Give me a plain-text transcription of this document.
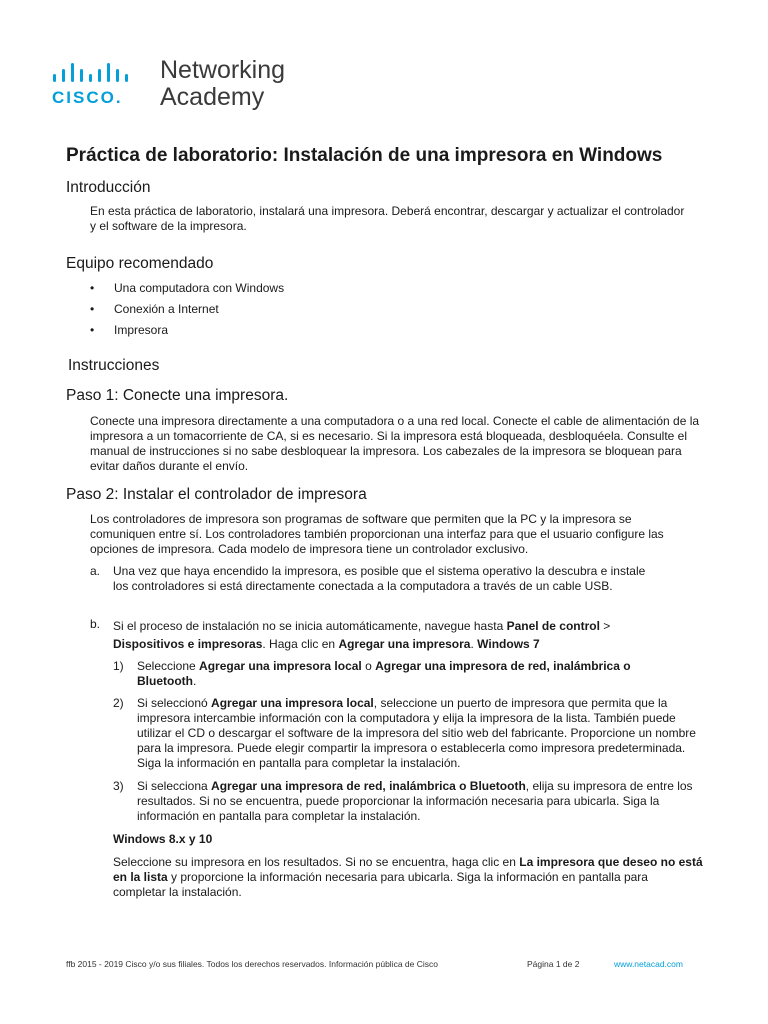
CISCO.
Networking
Academy
Práctica de laboratorio: Instalación de una impresora en Windows
Introducción
En esta práctica de laboratorio, instalará una impresora. Deberá encontrar, descargar y actualizar el controlador y el software de la impresora.
Equipo recomendado
• Una computadora con Windows
• Conexión a Internet
• Impresora
Instrucciones
Paso 1: Conecte una impresora.
Conecte una impresora directamente a una computadora o a una red local. Conecte el cable de alimentación de la impresora a un tomacorriente de CA, si es necesario. Si la impresora está bloqueada, desbloquéela. Consulte el manual de instrucciones si no sabe desbloquear la impresora. Los cabezales de la impresora se bloquean para evitar daños durante el envío.
Paso 2: Instalar el controlador de impresora
Los controladores de impresora son programas de software que permiten que la PC y la impresora se comuniquen entre sí. Los controladores también proporcionan una interfaz para que el usuario configure las opciones de impresora. Cada modelo de impresora tiene un controlador exclusivo.
a. Una vez que haya encendido la impresora, es posible que el sistema operativo la descubra e instale los controladores si está directamente conectada a la computadora a través de un cable USB.
b. Si el proceso de instalación no se inicia automáticamente, navegue hasta Panel de control > Dispositivos e impresoras. Haga clic en Agregar una impresora. Windows 7
1) Seleccione Agregar una impresora local o Agregar una impresora de red, inalámbrica o Bluetooth.
2) Si seleccionó Agregar una impresora local, seleccione un puerto de impresora que permita que la impresora intercambie información con la computadora y elija la impresora de la lista. También puede utilizar el CD o descargar el software de la impresora del sitio web del fabricante. Proporcione un nombre para la impresora. Puede elegir compartir la impresora o establecerla como impresora predeterminada. Siga la información en pantalla para completar la instalación.
3) Si selecciona Agregar una impresora de red, inalámbrica o Bluetooth, elija su impresora de entre los resultados. Si no se encuentra, puede proporcionar la información necesaria para ubicarla. Siga la información en pantalla para completar la instalación.
Windows 8.x y 10
Seleccione su impresora en los resultados. Si no se encuentra, haga clic en La impresora que deseo no está en la lista y proporcione la información necesaria para ubicarla. Siga la información en pantalla para completar la instalación.
ffb 2015 - 2019 Cisco y/o sus filiales. Todos los derechos reservados. Información pública de Cisco	Página 1 de 2	www.netacad.com
